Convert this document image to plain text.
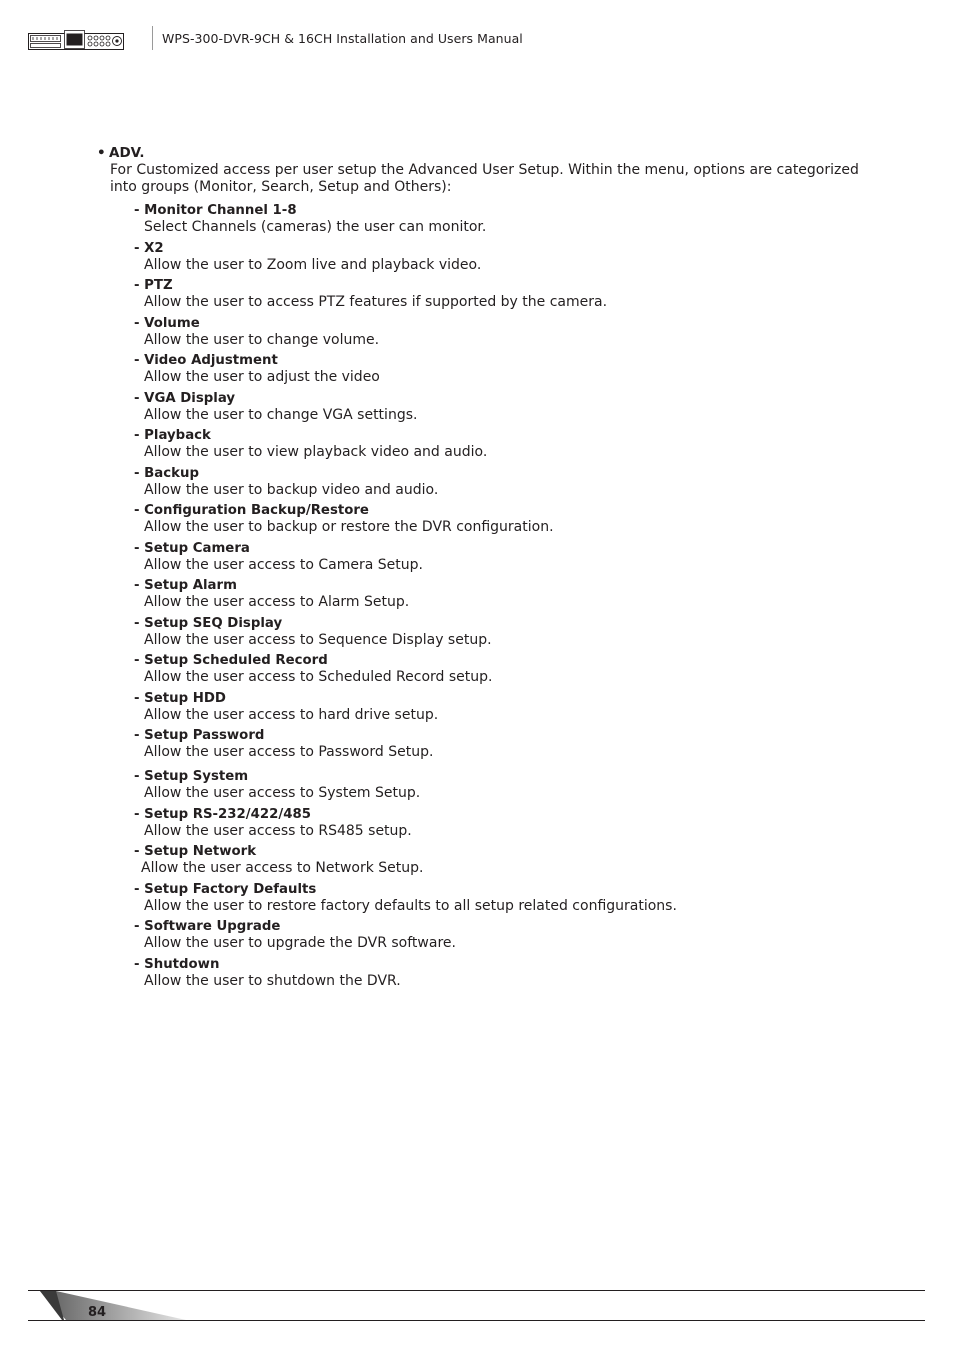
WPS-300-DVR-9CH & 16CH Installation and Users Manual
• ADV.
For Customized access per user setup the Advanced User Setup. Within the menu, options are categorized into groups (Monitor, Search, Setup and Others):
- Monitor Channel 1-8
Select Channels (cameras) the user can monitor.
- X2
Allow the user to Zoom live and playback video.
- PTZ
Allow the user to access PTZ features if supported by the camera.
- Volume
Allow the user to change volume.
- Video Adjustment
Allow the user to adjust the video
- VGA Display
Allow the user to change VGA settings.
- Playback
Allow the user to view playback video and audio.
- Backup
Allow the user to backup video and audio.
- Configuration Backup/Restore
Allow the user to backup or restore the DVR configuration.
- Setup Camera
Allow the user access to Camera Setup.
- Setup Alarm
Allow the user access to Alarm Setup.
- Setup SEQ Display
Allow the user access to Sequence Display setup.
- Setup Scheduled Record
Allow the user access to Scheduled Record setup.
- Setup HDD
Allow the user access to hard drive setup.
- Setup Password
Allow the user access to Password Setup.
- Setup System
Allow the user access to System Setup.
- Setup RS-232/422/485
Allow the user access to RS485 setup.
- Setup Network
Allow the user access to Network Setup.
- Setup Factory Defaults
Allow the user to restore factory defaults to all setup related configurations.
- Software Upgrade
Allow the user to upgrade the DVR software.
- Shutdown
Allow the user to shutdown the DVR.
84
